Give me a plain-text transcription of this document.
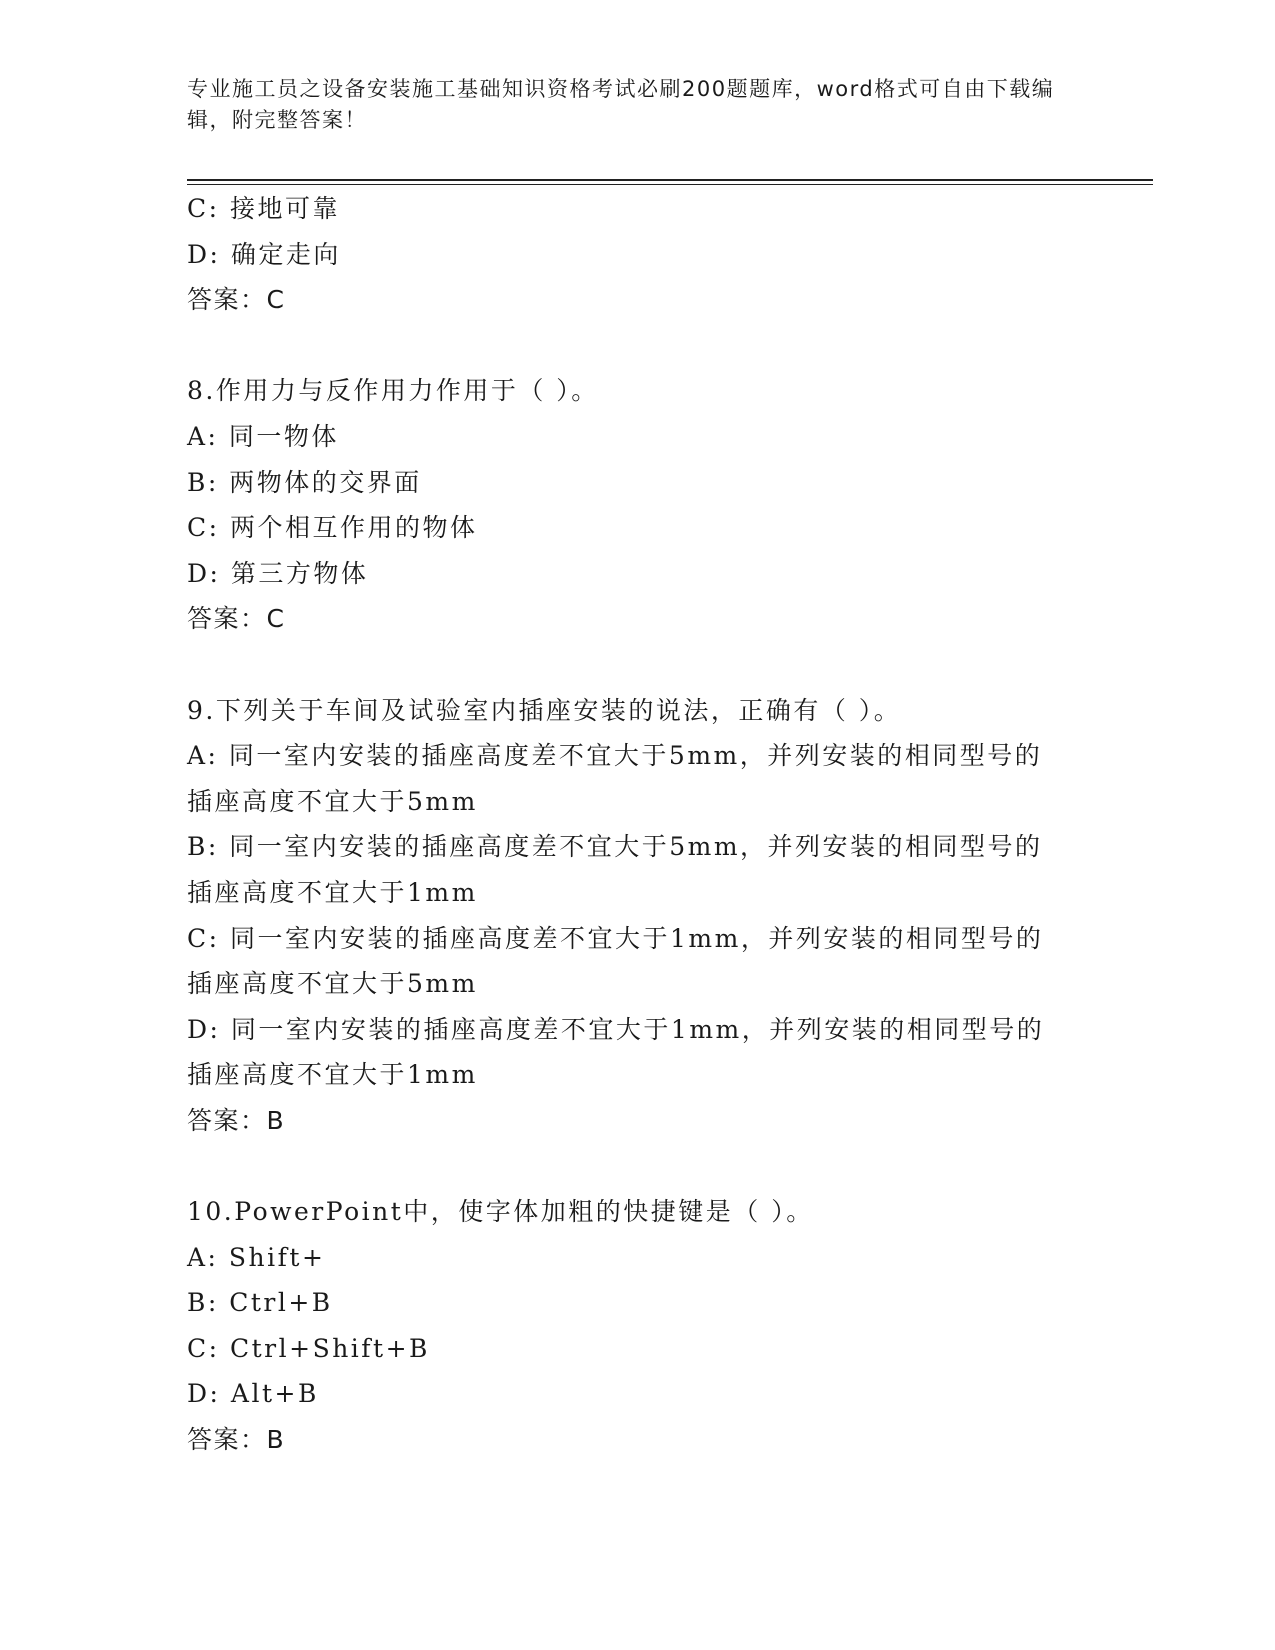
专业施工员之设备安装施工基础知识资格考试必刷200题题库，word格式可自由下载编辑，附完整答案！
C: 接地可靠
D: 确定走向
答案：C
8.作用力与反作用力作用于（ ）。
A: 同一物体
B: 两物体的交界面
C: 两个相互作用的物体
D: 第三方物体
答案：C
9.下列关于车间及试验室内插座安装的说法，正确有（ ）。
A: 同一室内安装的插座高度差不宜大于5mm，并列安装的相同型号的插座高度不宜大于5mm
B: 同一室内安装的插座高度差不宜大于5mm，并列安装的相同型号的插座高度不宜大于1mm
C: 同一室内安装的插座高度差不宜大于1mm，并列安装的相同型号的插座高度不宜大于5mm
D: 同一室内安装的插座高度差不宜大于1mm，并列安装的相同型号的插座高度不宜大于1mm
答案：B
10.PowerPoint中，使字体加粗的快捷键是（ ）。
A: Shift+
B: Ctrl+B
C: Ctrl+Shift+B
D: Alt+B
答案：B
